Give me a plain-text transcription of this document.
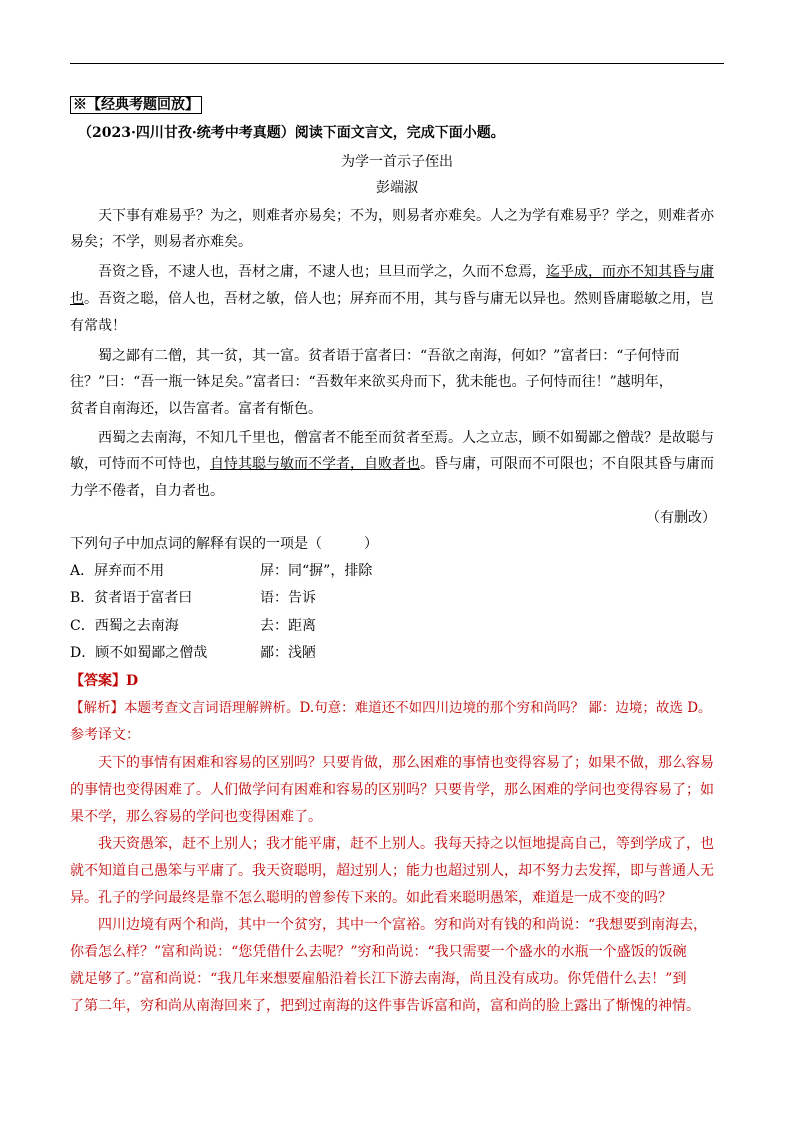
※【经典考题回放】
（2023·四川甘孜·统考中考真题）阅读下面文言文，完成下面小题。
为学一首示子侄出
彭端淑
天下事有难易乎？为之，则难者亦易矣；不为，则易者亦难矣。人之为学有难易乎？学之，则难者亦
易矣；不学，则易者亦难矣。
吾资之昏，不逮人也，吾材之庸，不逮人也；旦旦而学之，久而不怠焉，迄乎成，而亦不知其昏与庸
也。吾资之聪，倍人也，吾材之敏，倍人也；屏弃而不用，其与昏与庸无以异也。然则昏庸聪敏之用，岂
有常哉！
蜀之鄙有二僧，其一贫，其一富。贫者语于富者曰：“吾欲之南海，何如？”富者曰：“子何恃而
往？”曰：“吾一瓶一钵足矣。”富者曰：“吾数年来欲买舟而下，犹未能也。子何恃而往！”越明年，
贫者自南海还，以告富者。富者有惭色。
西蜀之去南海，不知几千里也，僧富者不能至而贫者至焉。人之立志，顾不如蜀鄙之僧哉？是故聪与
敏，可恃而不可恃也，自恃其聪与敏而不学者，自败者也。昏与庸，可限而不可限也；不自限其昏与庸而
力学不倦者，自力者也。
（有删改）
下列句子中加点词的解释有误的一项是（　　　）
A．屏弃而不用	屏：同“摒”，排除
B．贫者语于富者曰	语：告诉
C．西蜀之去南海	去：距离
D．顾不如蜀鄙之僧哉	鄙：浅陋
【答案】D
【解析】本题考查文言词语理解辨析。D.句意：难道还不如四川边境的那个穷和尚吗？ 鄙：边境；故选 D。
参考译文：
天下的事情有困难和容易的区别吗？只要肯做，那么困难的事情也变得容易了；如果不做，那么容易
的事情也变得困难了。人们做学问有困难和容易的区别吗？只要肯学，那么困难的学问也变得容易了；如
果不学，那么容易的学问也变得困难了。
我天资愚笨，赶不上别人；我才能平庸，赶不上别人。我每天持之以恒地提高自己，等到学成了，也
就不知道自己愚笨与平庸了。我天资聪明，超过别人；能力也超过别人，却不努力去发挥，即与普通人无
异。孔子的学问最终是靠不怎么聪明的曾参传下来的。如此看来聪明愚笨，难道是一成不变的吗？
四川边境有两个和尚，其中一个贫穷，其中一个富裕。穷和尚对有钱的和尚说：“我想要到南海去，
你看怎么样？”富和尚说：“您凭借什么去呢？”穷和尚说：“我只需要一个盛水的水瓶一个盛饭的饭碗
就足够了。”富和尚说：“我几年来想要雇船沿着长江下游去南海，尚且没有成功。你凭借什么去！”到
了第二年，穷和尚从南海回来了，把到过南海的这件事告诉富和尚，富和尚的脸上露出了惭愧的神情。
